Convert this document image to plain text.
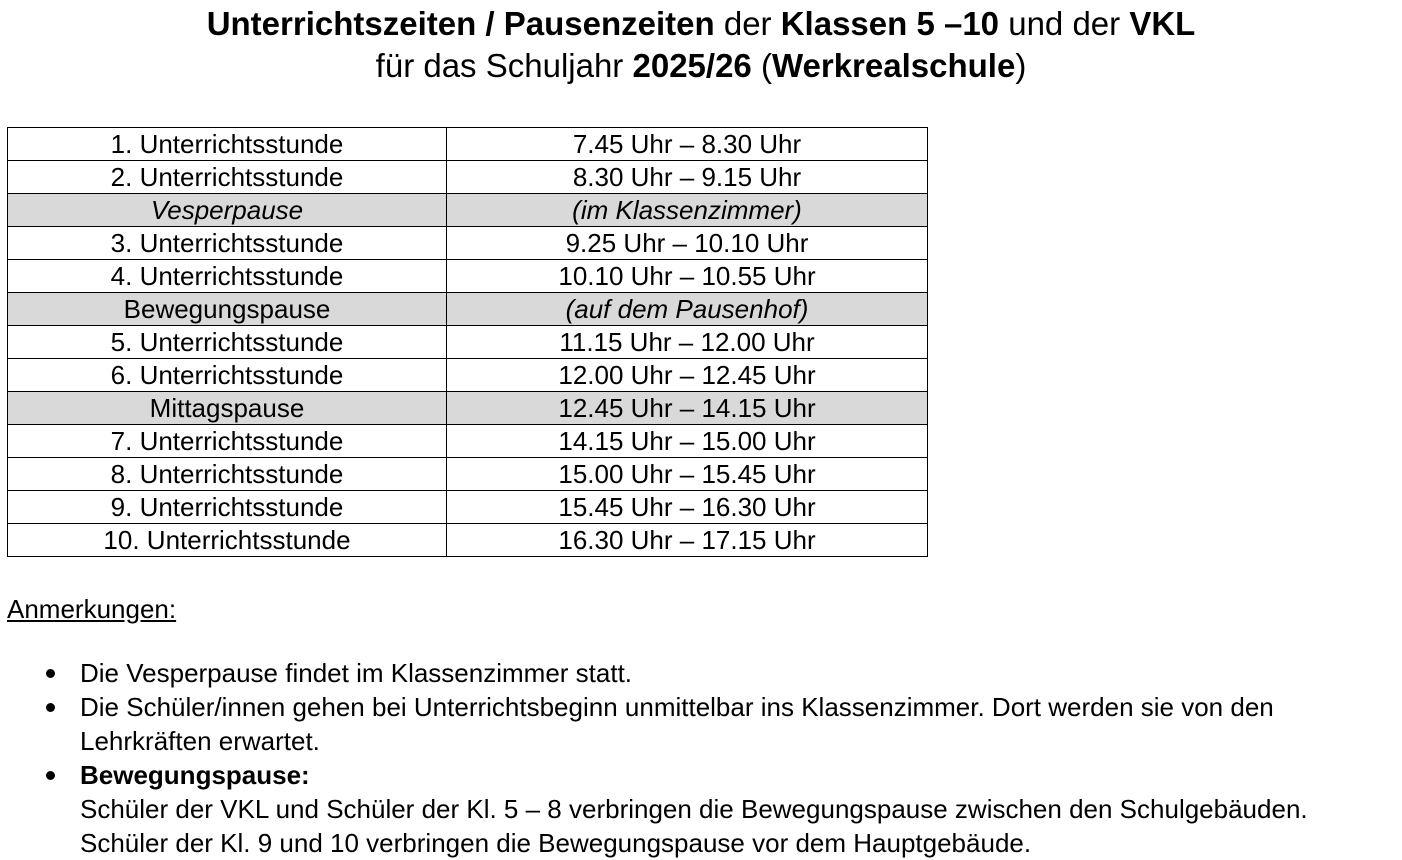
Unterrichtszeiten / Pausenzeiten der Klassen 5 –10 und der VKL
für das Schuljahr 2025/26 (Werkrealschule)
1. Unterrichtsstunde	7.45 Uhr – 8.30 Uhr
2. Unterrichtsstunde	8.30 Uhr – 9.15 Uhr
Vesperpause	(im Klassenzimmer)
3. Unterrichtsstunde	9.25 Uhr – 10.10 Uhr
4. Unterrichtsstunde	10.10 Uhr – 10.55 Uhr
Bewegungspause	(auf dem Pausenhof)
5. Unterrichtsstunde	11.15 Uhr – 12.00 Uhr
6. Unterrichtsstunde	12.00 Uhr – 12.45 Uhr
Mittagspause	12.45 Uhr – 14.15 Uhr
7. Unterrichtsstunde	14.15 Uhr – 15.00 Uhr
8. Unterrichtsstunde	15.00 Uhr – 15.45 Uhr
9. Unterrichtsstunde	15.45 Uhr – 16.30 Uhr
10. Unterrichtsstunde	16.30 Uhr – 17.15 Uhr
Anmerkungen:
Die Vesperpause findet im Klassenzimmer statt.
Die Schüler/innen gehen bei Unterrichtsbeginn unmittelbar ins Klassenzimmer. Dort werden sie von den
Lehrkräften erwartet.
Bewegungspause:
Schüler der VKL und Schüler der Kl. 5 – 8 verbringen die Bewegungspause zwischen den Schulgebäuden.
Schüler der Kl. 9 und 10 verbringen die Bewegungspause vor dem Hauptgebäude.
